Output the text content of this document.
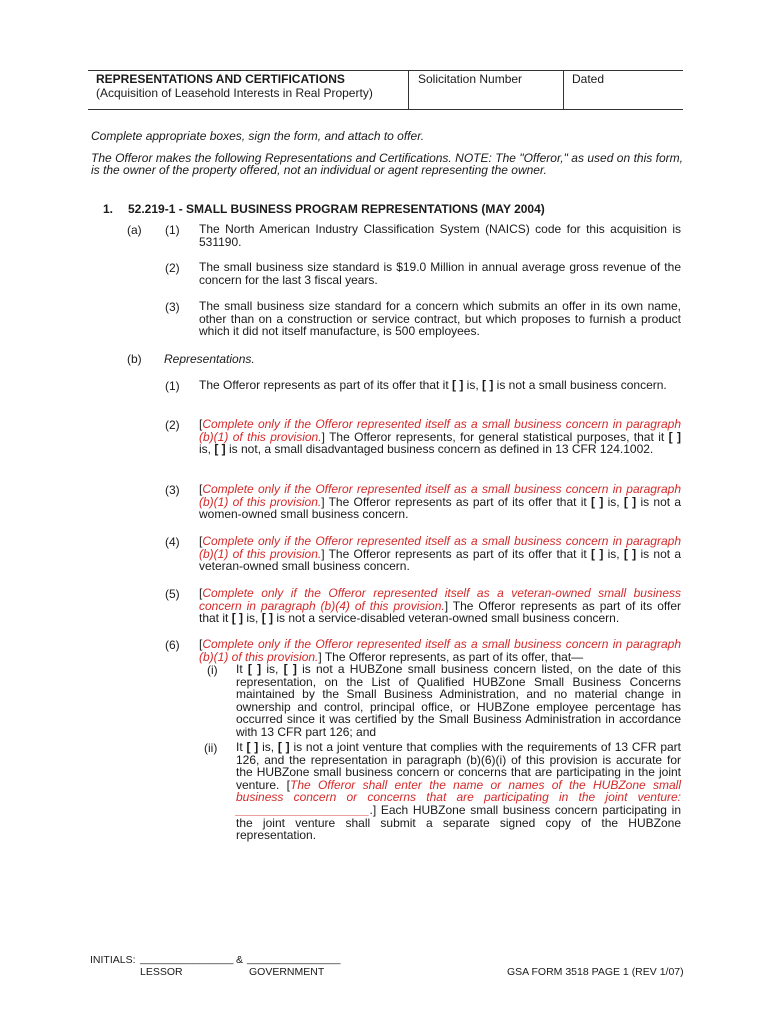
REPRESENTATIONS AND CERTIFICATIONS
(Acquisition of Leasehold Interests in Real Property)
Solicitation Number	Dated
Complete appropriate boxes, sign the form, and attach to offer.
The Offeror makes the following Representations and Certifications. NOTE: The "Offeror," as used on this form, is the owner of the property offered, not an individual or agent representing the owner.
1. 52.219-1 - SMALL BUSINESS PROGRAM REPRESENTATIONS (MAY 2004)
(a) (1) The North American Industry Classification System (NAICS) code for this acquisition is 531190.
(2) The small business size standard is $19.0 Million in annual average gross revenue of the concern for the last 3 fiscal years.
(3) The small business size standard for a concern which submits an offer in its own name, other than on a construction or service contract, but which proposes to furnish a product which it did not itself manufacture, is 500 employees.
(b) Representations.
(1) The Offeror represents as part of its offer that it [ ] is, [ ] is not a small business concern.
(2) [Complete only if the Offeror represented itself as a small business concern in paragraph (b)(1) of this provision.] The Offeror represents, for general statistical purposes, that it [ ] is, [ ] is not, a small disadvantaged business concern as defined in 13 CFR 124.1002.
(3) [Complete only if the Offeror represented itself as a small business concern in paragraph (b)(1) of this provision.] The Offeror represents as part of its offer that it [ ] is, [ ] is not a women-owned small business concern.
(4) [Complete only if the Offeror represented itself as a small business concern in paragraph (b)(1) of this provision.] The Offeror represents as part of its offer that it [ ] is, [ ] is not a veteran-owned small business concern.
(5) [Complete only if the Offeror represented itself as a veteran-owned small business concern in paragraph (b)(4) of this provision.] The Offeror represents as part of its offer that it [ ] is, [ ] is not a service-disabled veteran-owned small business concern.
(6) [Complete only if the Offeror represented itself as a small business concern in paragraph (b)(1) of this provision.] The Offeror represents, as part of its offer, that—
(i) It [ ] is, [ ] is not a HUBZone small business concern listed, on the date of this representation, on the List of Qualified HUBZone Small Business Concerns maintained by the Small Business Administration, and no material change in ownership and control, principal office, or HUBZone employee percentage has occurred since it was certified by the Small Business Administration in accordance with 13 CFR part 126; and
(ii) It [ ] is, [ ] is not a joint venture that complies with the requirements of 13 CFR part 126, and the representation in paragraph (b)(6)(i) of this provision is accurate for the HUBZone small business concern or concerns that are participating in the joint venture. [The Offeror shall enter the name or names of the HUBZone small business concern or concerns that are participating in the joint venture: ____________________.] Each HUBZone small business concern participating in the joint venture shall submit a separate signed copy of the HUBZone representation.
INITIALS: ________________ & ________________
LESSOR	GOVERNMENT	GSA FORM 3518 PAGE 1 (REV 1/07)
